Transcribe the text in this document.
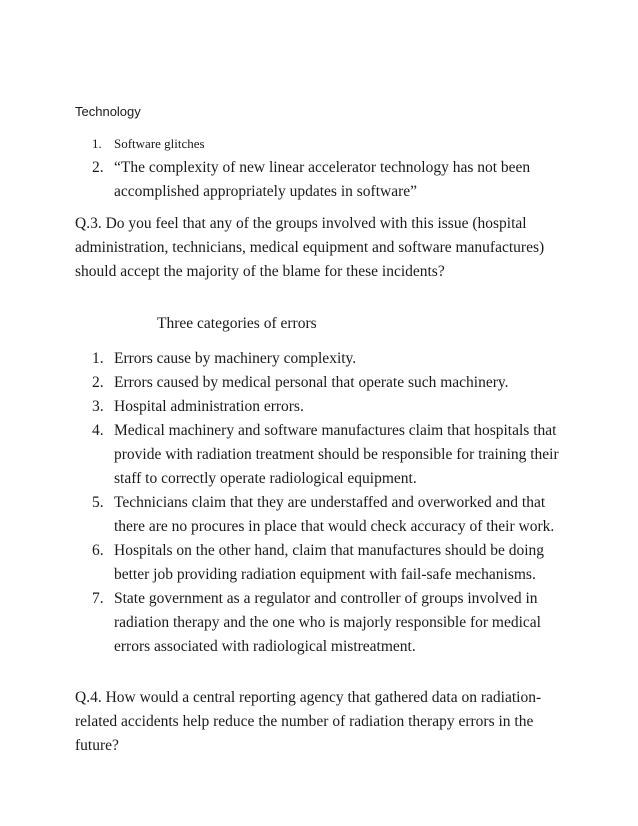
Technology

1. Software glitches
2. “The complexity of new linear accelerator technology has not been accomplished appropriately updates in software”

Q.3. Do you feel that any of the groups involved with this issue (hospital administration, technicians, medical equipment and software manufactures) should accept the majority of the blame for these incidents?

Three categories of errors

1. Errors cause by machinery complexity.
2. Errors caused by medical personal that operate such machinery.
3. Hospital administration errors.
4. Medical machinery and software manufactures claim that hospitals that provide with radiation treatment should be responsible for training their staff to correctly operate radiological equipment.
5. Technicians claim that they are understaffed and overworked and that there are no procures in place that would check accuracy of their work.
6. Hospitals on the other hand, claim that manufactures should be doing better job providing radiation equipment with fail-safe mechanisms.
7. State government as a regulator and controller of groups involved in radiation therapy and the one who is majorly responsible for medical errors associated with radiological mistreatment.

Q.4. How would a central reporting agency that gathered data on radiation-related accidents help reduce the number of radiation therapy errors in the future?
